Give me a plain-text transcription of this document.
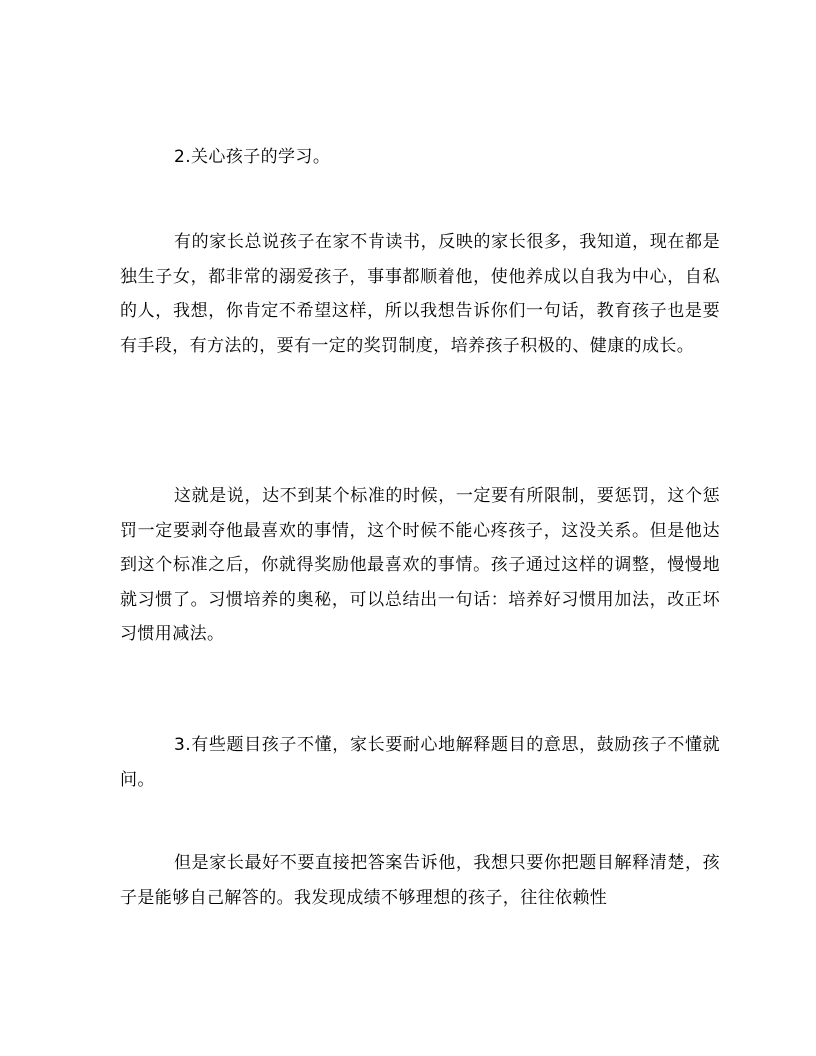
2.关心孩子的学习。

有的家长总说孩子在家不肯读书，反映的家长很多，我知道，现在都是独生子女，都非常的溺爱孩子，事事都顺着他，使他养成以自我为中心，自私的人，我想，你肯定不希望这样，所以我想告诉你们一句话，教育孩子也是要有手段，有方法的，要有一定的奖罚制度，培养孩子积极的、健康的成长。

这就是说，达不到某个标准的时候，一定要有所限制，要惩罚，这个惩罚一定要剥夺他最喜欢的事情，这个时候不能心疼孩子，这没关系。但是他达到这个标准之后，你就得奖励他最喜欢的事情。孩子通过这样的调整，慢慢地就习惯了。习惯培养的奥秘，可以总结出一句话：培养好习惯用加法，改正坏习惯用减法。

3.有些题目孩子不懂，家长要耐心地解释题目的意思，鼓励孩子不懂就问。

但是家长最好不要直接把答案告诉他，我想只要你把题目解释清楚，孩子是能够自己解答的。我发现成绩不够理想的孩子，往往依赖性
